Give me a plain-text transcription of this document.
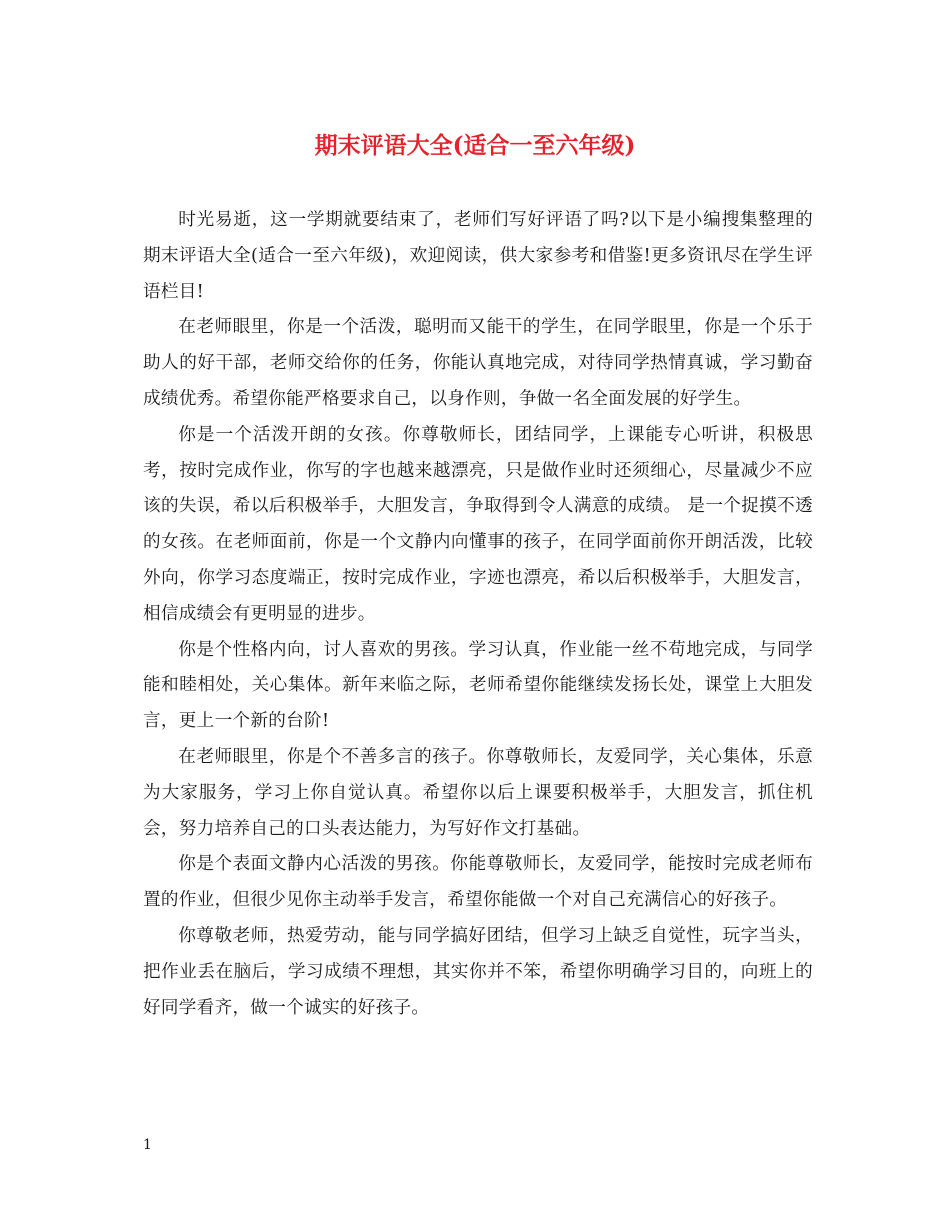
期末评语大全(适合一至六年级)

时光易逝，这一学期就要结束了，老师们写好评语了吗?以下是小编搜集整理的期末评语大全(适合一至六年级)，欢迎阅读，供大家参考和借鉴!更多资讯尽在学生评语栏目!

在老师眼里，你是一个活泼，聪明而又能干的学生，在同学眼里，你是一个乐于助人的好干部，老师交给你的任务，你能认真地完成，对待同学热情真诚，学习勤奋成绩优秀。希望你能严格要求自己，以身作则，争做一名全面发展的好学生。

你是一个活泼开朗的女孩。你尊敬师长，团结同学，上课能专心听讲，积极思考，按时完成作业，你写的字也越来越漂亮，只是做作业时还须细心，尽量减少不应该的失误，希以后积极举手，大胆发言，争取得到令人满意的成绩。 是一个捉摸不透的女孩。在老师面前，你是一个文静内向懂事的孩子，在同学面前你开朗活泼，比较外向，你学习态度端正，按时完成作业，字迹也漂亮，希以后积极举手，大胆发言，相信成绩会有更明显的进步。

你是个性格内向，讨人喜欢的男孩。学习认真，作业能一丝不苟地完成，与同学能和睦相处，关心集体。新年来临之际，老师希望你能继续发扬长处，课堂上大胆发言，更上一个新的台阶!

在老师眼里，你是个不善多言的孩子。你尊敬师长，友爱同学，关心集体，乐意为大家服务，学习上你自觉认真。希望你以后上课要积极举手，大胆发言，抓住机会，努力培养自己的口头表达能力，为写好作文打基础。

你是个表面文静内心活泼的男孩。你能尊敬师长，友爱同学，能按时完成老师布置的作业，但很少见你主动举手发言，希望你能做一个对自己充满信心的好孩子。

你尊敬老师，热爱劳动，能与同学搞好团结，但学习上缺乏自觉性，玩字当头，把作业丢在脑后，学习成绩不理想，其实你并不笨，希望你明确学习目的，向班上的好同学看齐，做一个诚实的好孩子。

1
